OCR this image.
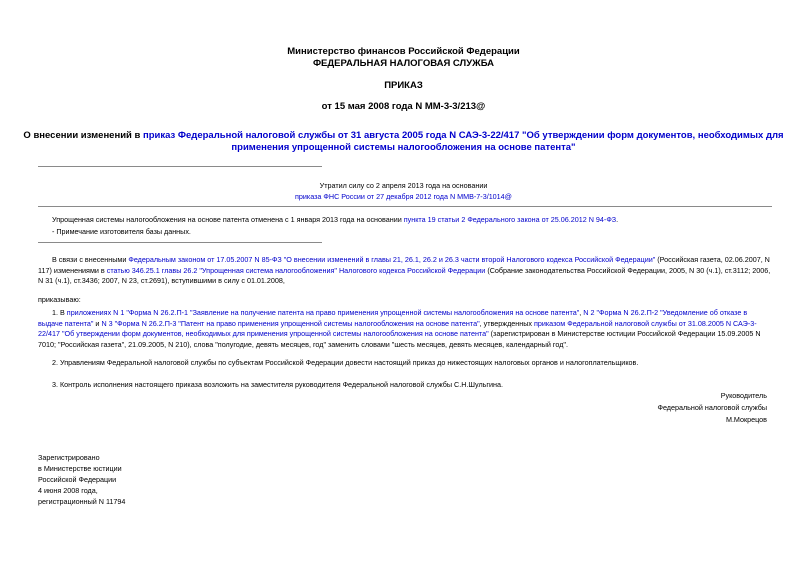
Министерство финансов Российской Федерации
ФЕДЕРАЛЬНАЯ НАЛОГОВАЯ СЛУЖБА
ПРИКАЗ
от 15 мая 2008 года N ММ-3-3/213@
О внесении изменений в приказ Федеральной налоговой службы от 31 августа 2005 года N САЭ-3-22/417 "Об утверждении форм документов, необходимых для применения упрощенной системы налогообложения на основе патента"
Утратил силу со 2 апреля 2013 года на основании
приказа ФНС России от 27 декабря 2012 года N ММВ-7-3/1014@
Упрощенная системы налогообложения на основе патента отменена с 1 января 2013 года на основании пункта 19 статьи 2 Федерального закона от 25.06.2012 N 94-ФЗ.
- Примечание изготовителя базы данных.
В связи с внесенными Федеральным законом от 17.05.2007 N 85-ФЗ "О внесении изменений в главы 21, 26.1, 26.2 и 26.3 части второй Налогового кодекса Российской Федерации" (Российская газета, 02.06.2007, N 117) изменениями в статью 346.25.1 главы 26.2 "Упрощенная система налогообложения" Налогового кодекса Российской Федерации (Собрание законодательства Российской Федерации, 2005, N 30 (ч.1), ст.3112; 2006, N 31 (ч.1), ст.3436; 2007, N 23, ст.2691), вступившими в силу с 01.01.2008,
приказываю:
1. В приложениях N 1 "Форма N 26.2.П-1 "Заявление на получение патента на право применения упрощенной системы налогообложения на основе патента", N 2 "Форма N 26.2.П-2 "Уведомление об отказе в выдаче патента" и N 3 "Форма N 26.2.П-3 "Патент на право применения упрощенной системы налогообложения на основе патента", утвержденных приказом Федеральной налоговой службы от 31.08.2005 N САЭ-3-22/417 "Об утверждении форм документов, необходимых для применения упрощенной системы налогообложения на основе патента" (зарегистрирован в Министерстве юстиции Российской Федерации 15.09.2005 N 7010; "Российская газета", 21.09.2005, N 210), слова "полугодие, девять месяцев, год" заменить словами "шесть месяцев, девять месяцев, календарный год".
2. Управлениям Федеральной налоговой службы по субъектам Российской Федерации довести настоящий приказ до нижестоящих налоговых органов и налогоплательщиков.
3. Контроль исполнения настоящего приказа возложить на заместителя руководителя Федеральной налоговой службы С.Н.Шульгина.
Руководитель
Федеральной налоговой службы
М.Мокрецов
Зарегистрировано
в Министерстве юстиции
Российской Федерации
4 июня 2008 года,
регистрационный N 11794
